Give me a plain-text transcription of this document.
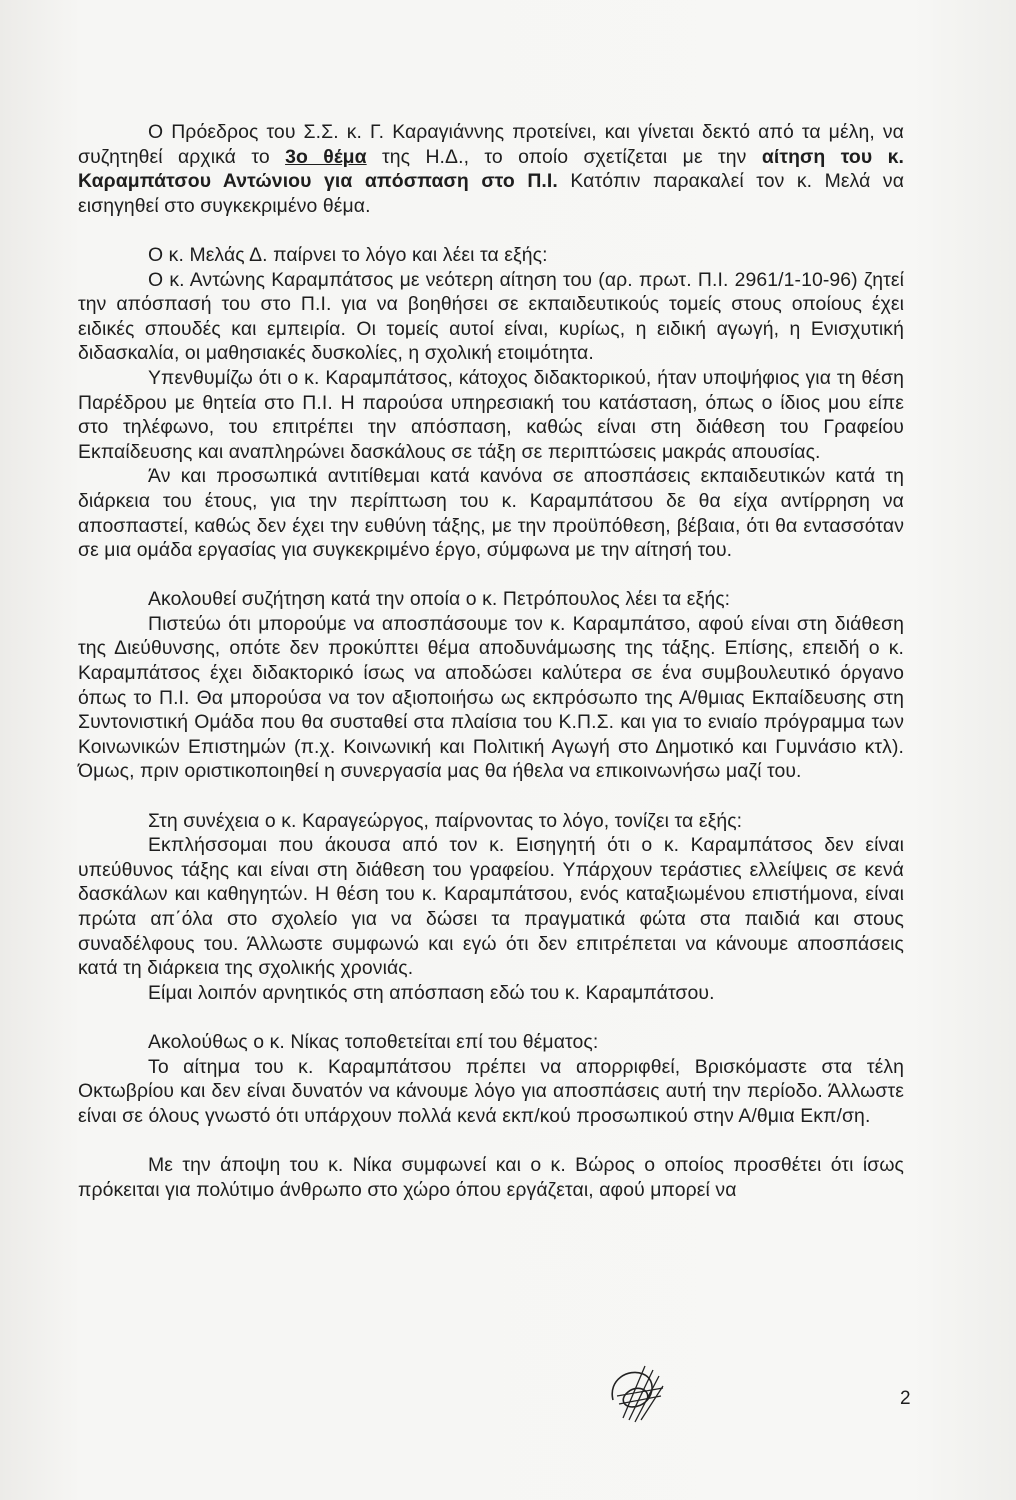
Ο Πρόεδρος του Σ.Σ. κ. Γ. Καραγιάννης προτείνει, και γίνεται δεκτό από τα μέλη, να συζητηθεί αρχικά το 3ο θέμα της Η.Δ., το οποίο σχετίζεται με την αίτηση του κ. Καραμπάτσου Αντώνιου για απόσπαση στο Π.Ι. Κατόπιν παρακαλεί τον κ. Μελά να εισηγηθεί στο συγκεκριμένο θέμα.

Ο κ. Μελάς Δ. παίρνει το λόγο και λέει τα εξής:

Ο κ. Αντώνης Καραμπάτσος με νεότερη αίτηση του (αρ. πρωτ. Π.Ι. 2961/1-10-96) ζητεί την απόσπασή του στο Π.Ι. για να βοηθήσει σε εκπαιδευτικούς τομείς στους οποίους έχει ειδικές σπουδές και εμπειρία. Οι τομείς αυτοί είναι, κυρίως, η ειδική αγωγή, η Ενισχυτική διδασκαλία, οι μαθησιακές δυσκολίες, η σχολική ετοιμότητα.

Υπενθυμίζω ότι ο κ. Καραμπάτσος, κάτοχος διδακτορικού, ήταν υποψήφιος για τη θέση Παρέδρου με θητεία στο Π.Ι. Η παρούσα υπηρεσιακή του κατάσταση, όπως ο ίδιος μου είπε στο τηλέφωνο, του επιτρέπει την απόσπαση, καθώς είναι στη διάθεση του Γραφείου Εκπαίδευσης και αναπληρώνει δασκάλους σε τάξη σε περιπτώσεις μακράς απουσίας.

Άν και προσωπικά αντιτίθεμαι κατά κανόνα σε αποσπάσεις εκπαιδευτικών κατά τη διάρκεια του έτους, για την περίπτωση του κ. Καραμπάτσου δε θα είχα αντίρρηση να αποσπαστεί, καθώς δεν έχει την ευθύνη τάξης, με την προϋπόθεση, βέβαια, ότι θα εντασσόταν σε μια ομάδα εργασίας για συγκεκριμένο έργο, σύμφωνα με την αίτησή του.

Ακολουθεί συζήτηση κατά την οποία ο κ. Πετρόπουλος λέει τα εξής:

Πιστεύω ότι μπορούμε να αποσπάσουμε τον κ. Καραμπάτσο, αφού είναι στη διάθεση της Διεύθυνσης, οπότε δεν προκύπτει θέμα αποδυνάμωσης της τάξης. Επίσης, επειδή ο κ. Καραμπάτσος έχει διδακτορικό ίσως να αποδώσει καλύτερα σε ένα συμβουλευτικό όργανο όπως το Π.Ι. Θα μπορούσα να τον αξιοποιήσω ως εκπρόσωπο της Α/θμιας Εκπαίδευσης στη Συντονιστική Ομάδα που θα συσταθεί στα πλαίσια του Κ.Π.Σ. και για το ενιαίο πρόγραμμα των Κοινωνικών Επιστημών (π.χ. Κοινωνική και Πολιτική Αγωγή στο Δημοτικό και Γυμνάσιο κτλ). Όμως, πριν οριστικοποιηθεί η συνεργασία μας θα ήθελα να επικοινωνήσω μαζί του.

Στη συνέχεια ο κ. Καραγεώργος, παίρνοντας το λόγο, τονίζει τα εξής:

Εκπλήσσομαι που άκουσα από τον κ. Εισηγητή ότι ο κ. Καραμπάτσος δεν είναι υπεύθυνος τάξης και είναι στη διάθεση του γραφείου. Υπάρχουν τεράστιες ελλείψεις σε κενά δασκάλων και καθηγητών. Η θέση του κ. Καραμπάτσου, ενός καταξιωμένου επιστήμονα, είναι πρώτα απ΄όλα στο σχολείο για να δώσει τα πραγματικά φώτα στα παιδιά και στους συναδέλφους του. Άλλωστε συμφωνώ και εγώ ότι δεν επιτρέπεται να κάνουμε αποσπάσεις κατά τη διάρκεια της σχολικής χρονιάς.

Είμαι λοιπόν αρνητικός στη απόσπαση εδώ του κ. Καραμπάτσου.

Ακολούθως ο κ. Νίκας τοποθετείται επί του θέματος:

Το αίτημα του κ. Καραμπάτσου πρέπει να απορριφθεί, Βρισκόμαστε στα τέλη Οκτωβρίου και δεν είναι δυνατόν να κάνουμε λόγο για αποσπάσεις αυτή την περίοδο. Άλλωστε είναι σε όλους γνωστό ότι υπάρχουν πολλά κενά εκπ/κού προσωπικού στην Α/θμια Εκπ/ση.

Με την άποψη του κ. Νίκα συμφωνεί και ο κ. Βώρος ο οποίος προσθέτει ότι ίσως πρόκειται για πολύτιμο άνθρωπο στο χώρο όπου εργάζεται, αφού μπορεί να

2
